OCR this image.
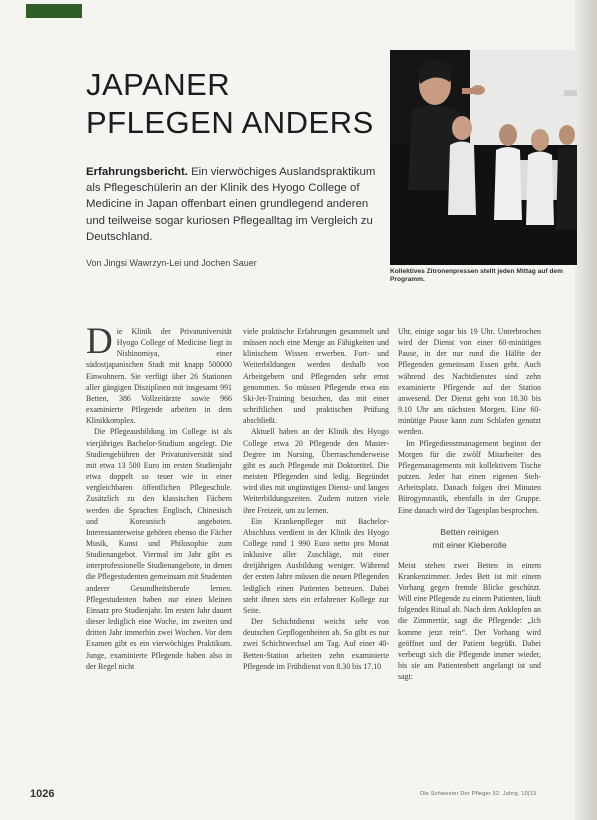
JAPANER
PFLEGEN ANDERS

Erfahrungsbericht. Ein vierwöchiges Auslandspraktikum als Pflegeschülerin an der Klinik des Hyogo College of Medicine in Japan offenbart einen grundlegend anderen und teilweise sogar kuriosen Pflegealltag im Vergleich zu Deutschland.

Von Jingsi Wawrzyn-Lei und Jochen Sauer
Kollektives Zitronenpressen stellt jeden Mittag auf dem Programm.

Die Klinik der Privatuniversität Hyogo College of Medicine liegt in Nishinomiya, einer südostjapanischen Stadt mit knapp 500000 Einwohnern. Sie verfügt über 26 Stationen aller gängigen Disziplinen mit insgesamt 991 Betten, 386 Vollzeitärzte sowie 966 examinierte Pflegende arbeiten in dem Klinikkomplex.

Die Pflegeausbildung im College ist als vierjähriges Bachelor-Studium angelegt. Die Studiengebühren der Privatuniversität sind mit etwa 13 500 Euro im ersten Studienjahr etwa doppelt so teuer wie in einer vergleichbaren öffentlichen Pflegeschule. Zusätzlich zu den klassischen Fächern werden die Sprachen Englisch, Chinesisch und Koreanisch angeboten. Interessanterweise gehören ebenso die Fächer Musik, Kunst und Philosophie zum Studienangebot. Viermal im Jahr gibt es interprofessionelle Studienangebote, in denen die Pflegestudenten gemeinsam mit Studenten anderer Gesundheitsberufe lernen. Pflegestudenten haben nur einen kleinen Einsatz pro Studienjahr. Im ersten Jahr dauert dieser lediglich eine Woche, im zweiten und dritten Jahr immerhin zwei Wochen. Vor dem Examen gibt es ein vierwöchiges Praktikum. Junge, examinierte Pflegende haben also in der Regel nicht

viele praktische Erfahrungen gesammelt und müssen noch eine Menge an Fähigkeiten und klinischem Wissen erwerben. Fort- und Weiterbildungen werden deshalb von Arbeitgebern und Pflegenden sehr ernst genommen. So müssen Pflegende etwa ein Ski-Jet-Training besuchen, das mit einer schriftlichen und praktischen Prüfung abschließt.

Aktuell haben an der Klinik des Hyogo College etwa 20 Pflegende den Master-Degree im Nursing. Überraschenderweise gibt es auch Pflegende mit Doktortitel. Die meisten Pflegenden sind ledig. Begründet wird dies mit ungünstigen Dienst- und langen Weiterbildungszeiten. Zudem nutzen viele ihre Freizeit, um zu lernen.

Ein Krankenpfleger mit Bachelor-Abschluss verdient in der Klinik des Hyogo College rund 1 990 Euro netto pro Monat inklusive aller Zuschläge, mit einer dreijährigen Ausbildung weniger. Während der ersten Jahre müssen die neuen Pflegenden lediglich einen Patienten betreuen. Dabei steht ihnen stets ein erfahrener Kollege zur Seite.

Der Schichtdienst weicht sehr von deutschen Gepflogenheiten ab. So gibt es nur zwei Schichtwechsel am Tag. Auf einer 40-Betten-Station arbeiten zehn examinierte Pflegende im Frühdienst von 8.30 bis 17.10

Uhr, einige sogar bis 19 Uhr. Unterbrochen wird der Dienst von einer 60-minütigen Pause, in der nur rund die Hälfte der Pflegenden gemeinsam Essen geht. Auch während des Nachtdienstes sind zehn examinierte Pflegende auf der Station anwesend. Der Dienst geht von 18.30 bis 9.10 Uhr am nächsten Morgen. Eine 60-minütige Pause kann zum Schlafen genutzt werden.

Im Pflegedienstmanagement beginnt der Morgen für die zwölf Mitarbeiter des Pflegemanagements mit kollektivem Tische putzen. Jeder hat einen eigenen Steh-Arbeitsplatz. Danach folgen drei Minuten Bürogymnastik, ebenfalls in der Gruppe. Eine danach wird der Tagesplan besprochen.

Betten reinigen
mit einer Kleberolle

Meist stehen zwei Betten in einem Krankenzimmer. Jedes Bett ist mit einem Vorhang gegen fremde Blicke geschützt. Will eine Pflegende zu einem Patienten, läuft folgendes Ritual ab. Nach dem Anklopfen an die Zimmertür, sagt die Pflegende: „Ich komme jetzt rein“. Der Vorhang wird geöffnet und der Patient begrüßt. Dabei verbeugt sich die Pflegende immer wieder, bis sie am Patientenbett angelangt ist und sagt:

1026	Die Schwester Der Pfleger 52. Jahrg. 10|13
